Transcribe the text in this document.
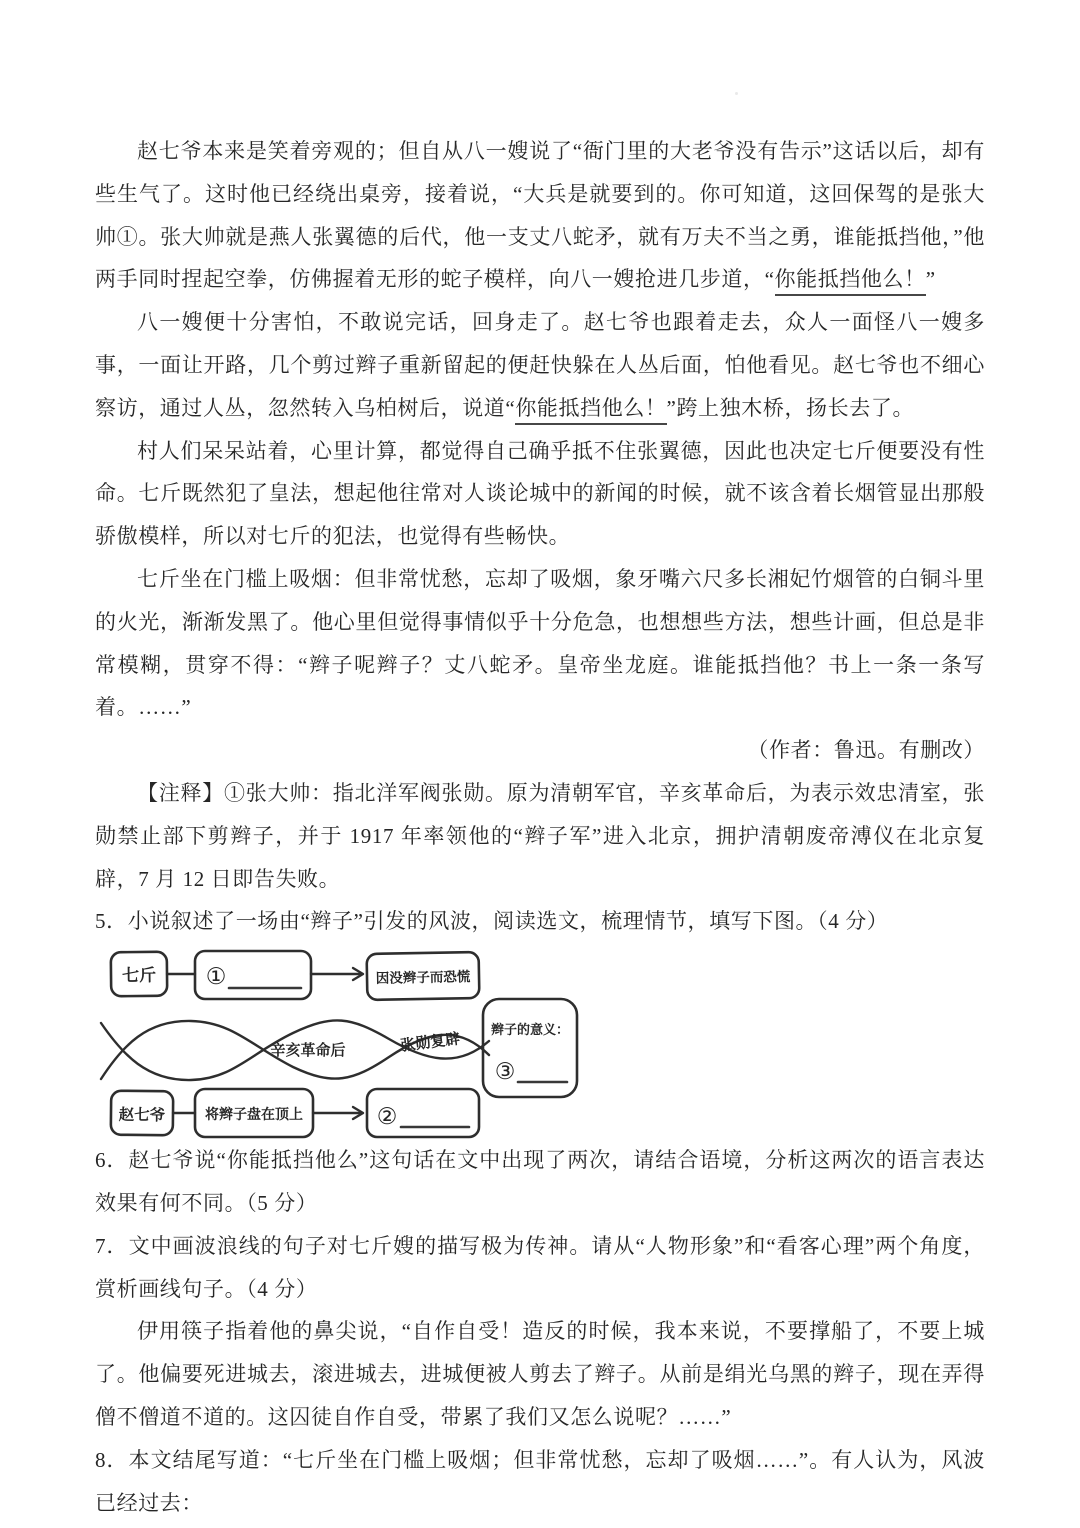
赵七爷本来是笑着旁观的；但自从八一嫂说了“衙门里的大老爷没有告示”这话以后，却有些生气了。这时他已经绕出桌旁，接着说，“大兵是就要到的。你可知道，这回保驾的是张大帅①。张大帅就是燕人张翼德的后代，他一支丈八蛇矛，就有万夫不当之勇，谁能抵挡他，”他两手同时捏起空拳，仿佛握着无形的蛇子模样，向八一嫂抢进几步道，“你能抵挡他么！”

八一嫂便十分害怕，不敢说完话，回身走了。赵七爷也跟着走去，众人一面怪八一嫂多事，一面让开路，几个剪过辫子重新留起的便赶快躲在人丛后面，怕他看见。赵七爷也不细心察访，通过人丛，忽然转入乌柏树后，说道“你能抵挡他么！”跨上独木桥，扬长去了。

村人们呆呆站着，心里计算，都觉得自己确乎抵不住张翼德，因此也决定七斤便要没有性命。七斤既然犯了皇法，想起他往常对人谈论城中的新闻的时候，就不该含着长烟管显出那般骄傲模样，所以对七斤的犯法，也觉得有些畅快。

七斤坐在门槛上吸烟：但非常忧愁，忘却了吸烟，象牙嘴六尺多长湘妃竹烟管的白铜斗里的火光，渐渐发黑了。他心里但觉得事情似乎十分危急，也想想些方法，想些计画，但总是非常模糊，贯穿不得：“辫子呢辫子？丈八蛇矛。皇帝坐龙庭。谁能抵挡他？书上一条一条写着。……”

（作者：鲁迅。有删改）

【注释】①张大帅：指北洋军阀张勋。原为清朝军官，辛亥革命后，为表示效忠清室，张勋禁止部下剪辫子，并于 1917 年率领他的“辫子军”进入北京，拥护清朝废帝溥仪在北京复辟，7 月 12 日即告失败。

5．小说叙述了一场由“辫子”引发的风波，阅读选文，梳理情节，填写下图。（4 分）

七斤 ①	因没辫子而恐慌
辛亥革命后	张勋复辟
辫子的意义：
③
赵七爷	将辫子盘在顶上	②

6．赵七爷说“你能抵挡他么”这句话在文中出现了两次，请结合语境，分析这两次的语言表达效果有何不同。（5 分）

7．文中画波浪线的句子对七斤嫂的描写极为传神。请从“人物形象”和“看客心理”两个角度，赏析画线句子。（4 分）

伊用筷子指着他的鼻尖说，“自作自受！造反的时候，我本来说，不要撑船了，不要上城了。他偏要死进城去，滚进城去，进城便被人剪去了辫子。从前是绢光乌黑的辫子，现在弄得僧不僧道不道的。这囚徒自作自受，带累了我们又怎么说呢？……”

8．本文结尾写道：“七斤坐在门槛上吸烟；但非常忧愁，忘却了吸烟……”。有人认为，风波已经过去：
